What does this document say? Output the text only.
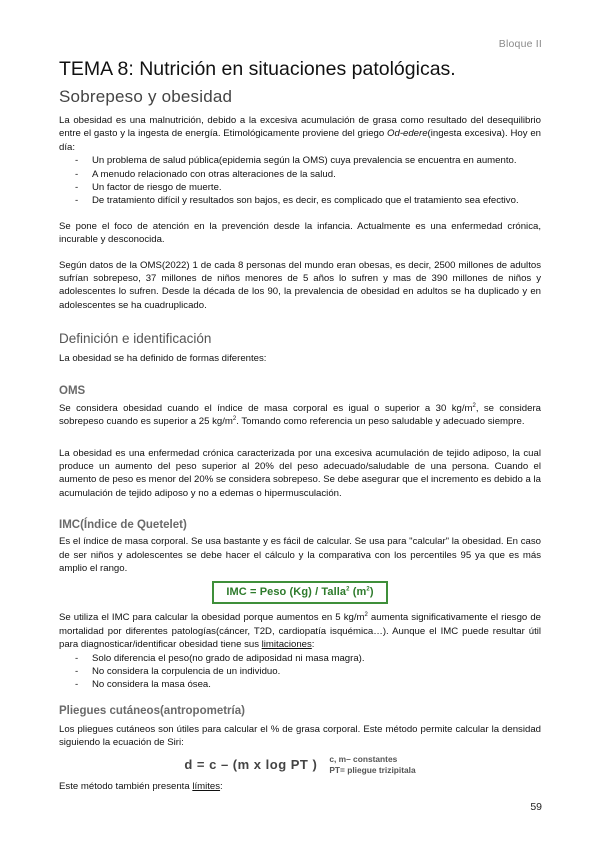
Bloque II
TEMA 8: Nutrición en situaciones patológicas.
Sobrepeso y obesidad

La obesidad es una malnutrición, debido a la excesiva acumulación de grasa como resultado del desequilibrio entre el gasto y la ingesta de energía. Etimológicamente proviene del griego Od-edere(ingesta excesiva). Hoy en día:

- Un problema de salud pública(epidemia según la OMS) cuya prevalencia se encuentra en aumento.
- A menudo relacionado con otras alteraciones de la salud.
- Un factor de riesgo de muerte.
- De tratamiento difícil y resultados son bajos, es decir, es complicado que el tratamiento sea efectivo.

Se pone el foco de atención en la prevención desde la infancia. Actualmente es una enfermedad crónica, incurable y desconocida.

Según datos de la OMS(2022) 1 de cada 8 personas del mundo eran obesas, es decir, 2500 millones de adultos sufrían sobrepeso, 37 millones de niños menores de 5 años lo sufren y mas de 390 millones de niños y adolescentes lo sufren. Desde la década de los 90, la prevalencia de obesidad en adultos se ha duplicado y en adolescentes se ha cuadruplicado.

Definición e identificación

La obesidad se ha definido de formas diferentes:

OMS

Se considera obesidad cuando el índice de masa corporal es igual o superior a 30 $kg/m^2$, se considera sobrepeso cuando es superior a 25 $kg/m^2$. Tomando como referencia un peso saludable y adecuado siempre.

La obesidad es una enfermedad crónica caracterizada por una excesiva acumulación de tejido adiposo, la cual produce un aumento del peso superior al 20% del peso adecuado/saludable de una persona. Cuando el aumento de peso es menor del 20% se considera sobrepeso. Se debe asegurar que el incremento es debido a la acumulación de tejido adiposo y no a edemas o hipermusculación.

IMC(Índice de Quetelet)

Es el índice de masa corporal. Se usa bastante y es fácil de calcular. Se usa para "calcular" la obesidad. En caso de ser niños y adolescentes se debe hacer el cálculo y la comparativa con los percentiles 95 ya que es más amplio el rango.

IMC = Peso (Kg) / Talla$^2$ $(m^2)$

Se utiliza el IMC para calcular la obesidad porque aumentos en 5 $kg/m^2$ aumenta significativamente el riesgo de mortalidad por diferentes patologías(cáncer, T2D, cardiopatía isquémica…). Aunque el IMC puede resultar útil para diagnosticar/identificar obesidad tiene sus limitaciones:

- Solo diferencia el peso(no grado de adiposidad ni masa magra).
- No considera la corpulencia de un individuo.
- No considera la masa ósea.
Pliegues cutáneos(antropometría)

Los pliegues cutáneos son útiles para calcular el % de grasa corporal. Este método permite calcular la densidad siguiendo la ecuación de Siri:

d = c – (m x log PT ) c, m– constantes
PT= pliegue trizipitala

Este método también presenta límites:

59
